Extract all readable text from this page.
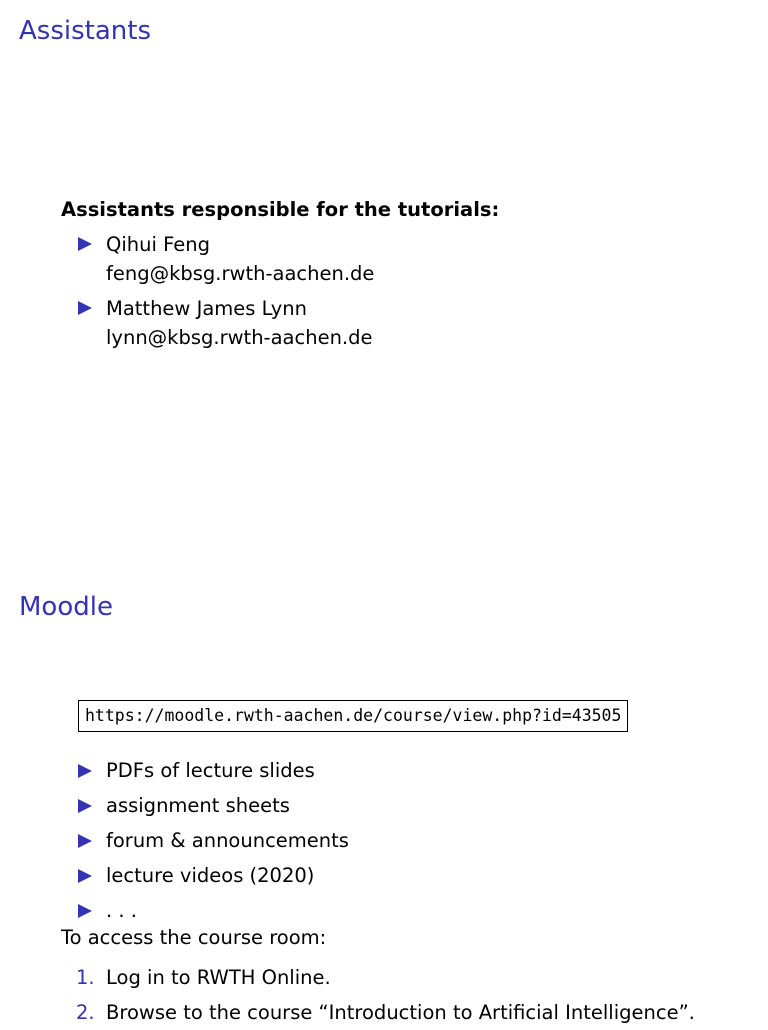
Assistants

Assistants responsible for the tutorials:

Qihui Feng
feng@kbsg.rwth-aachen.de
Matthew James Lynn
lynn@kbsg.rwth-aachen.de
Moodle
https://moodle.rwth-aachen.de/course/view.php?id=43505
PDFs of lecture slides
assignment sheets
forum & announcements
lecture videos (2020)
. . .

To access the course room:

1. Log in to RWTH Online.
2. Browse to the course “Introduction to Artificial Intelligence”.
